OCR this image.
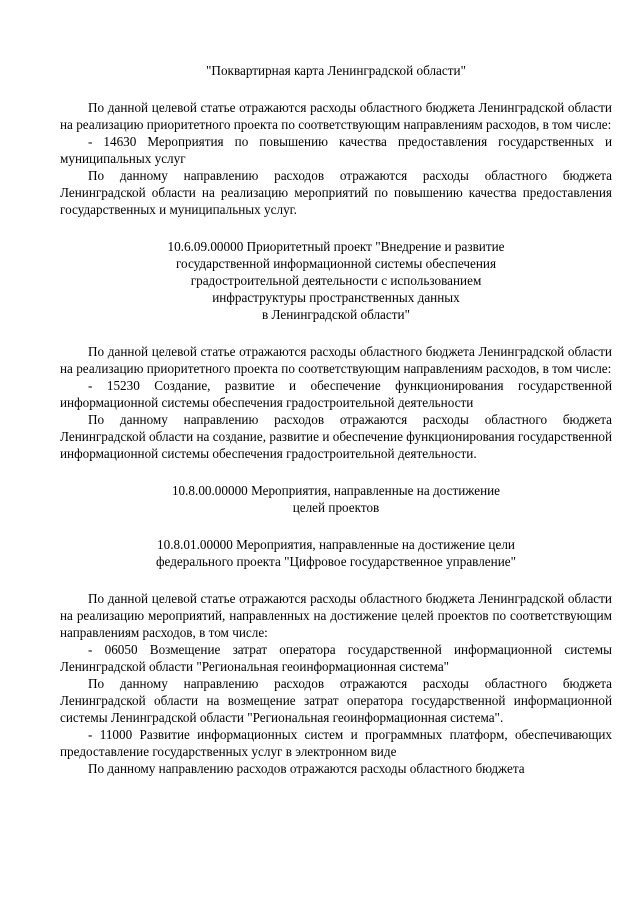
"Поквартирная карта Ленинградской области"

По данной целевой статье отражаются расходы областного бюджета Ленинградской области на реализацию приоритетного проекта по соответствующим направлениям расходов, в том числе:

- 14630 Мероприятия по повышению качества предоставления государственных и муниципальных услуг

По данному направлению расходов отражаются расходы областного бюджета Ленинградской области на реализацию мероприятий по повышению качества предоставления государственных и муниципальных услуг.

10.6.09.00000 Приоритетный проект "Внедрение и развитие
государственной информационной системы обеспечения
градостроительной деятельности с использованием
инфраструктуры пространственных данных
в Ленинградской области"

По данной целевой статье отражаются расходы областного бюджета Ленинградской области на реализацию приоритетного проекта по соответствующим направлениям расходов, в том числе:

- 15230 Создание, развитие и обеспечение функционирования государственной информационной системы обеспечения градостроительной деятельности

По данному направлению расходов отражаются расходы областного бюджета Ленинградской области на создание, развитие и обеспечение функционирования государственной информационной системы обеспечения градостроительной деятельности.

10.8.00.00000 Мероприятия, направленные на достижение
целей проектов
10.8.01.00000 Мероприятия, направленные на достижение цели
федерального проекта "Цифровое государственное управление"

По данной целевой статье отражаются расходы областного бюджета Ленинградской области на реализацию мероприятий, направленных на достижение целей проектов по соответствующим направлениям расходов, в том числе:

- 06050 Возмещение затрат оператора государственной информационной системы Ленинградской области "Региональная геоинформационная система"

По данному направлению расходов отражаются расходы областного бюджета Ленинградской области на возмещение затрат оператора государственной информационной системы Ленинградской области "Региональная геоинформационная система".

- 11000 Развитие информационных систем и программных платформ, обеспечивающих предоставление государственных услуг в электронном виде

По данному направлению расходов отражаются расходы областного бюджета
